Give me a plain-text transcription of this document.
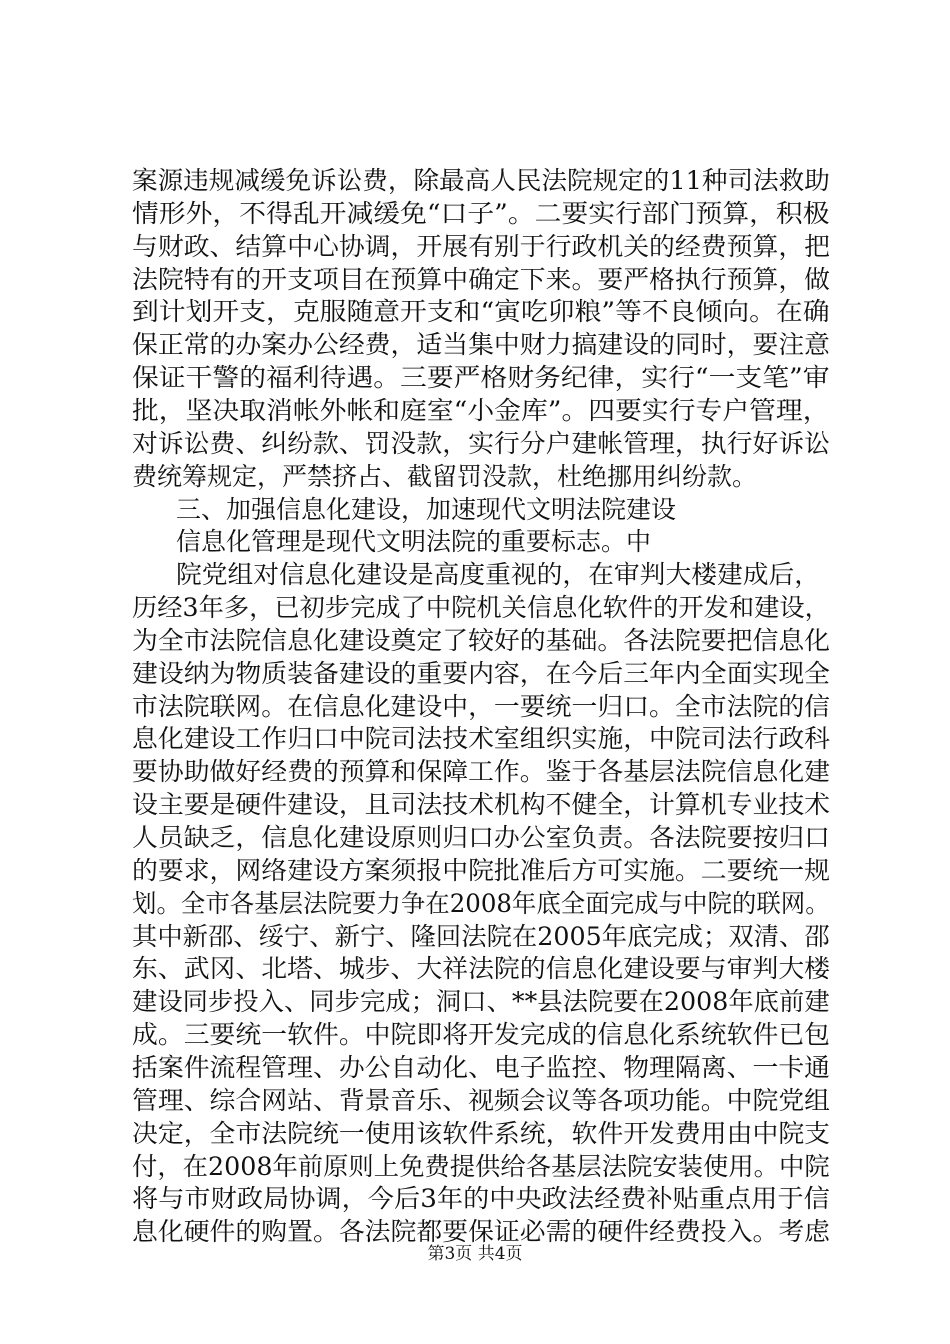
案源违规减缓免诉讼费，除最高人民法院规定的11种司法救助
情形外，不得乱开减缓免“口子”。二要实行部门预算，积极
与财政、结算中心协调，开展有别于行政机关的经费预算，把
法院特有的开支项目在预算中确定下来。要严格执行预算，做
到计划开支，克服随意开支和“寅吃卯粮”等不良倾向。在确
保正常的办案办公经费，适当集中财力搞建设的同时，要注意
保证干警的福利待遇。三要严格财务纪律，实行“一支笔”审
批，坚决取消帐外帐和庭室“小金库”。四要实行专户管理，
对诉讼费、纠纷款、罚没款，实行分户建帐管理，执行好诉讼
费统筹规定，严禁挤占、截留罚没款，杜绝挪用纠纷款。
三、加强信息化建设，加速现代文明法院建设
信息化管理是现代文明法院的重要标志。中
院党组对信息化建设是高度重视的，在审判大楼建成后，
历经3年多，已初步完成了中院机关信息化软件的开发和建设，
为全市法院信息化建设奠定了较好的基础。各法院要把信息化
建设纳为物质装备建设的重要内容，在今后三年内全面实现全
市法院联网。在信息化建设中，一要统一归口。全市法院的信
息化建设工作归口中院司法技术室组织实施，中院司法行政科
要协助做好经费的预算和保障工作。鉴于各基层法院信息化建
设主要是硬件建设，且司法技术机构不健全，计算机专业技术
人员缺乏，信息化建设原则归口办公室负责。各法院要按归口
的要求，网络建设方案须报中院批准后方可实施。二要统一规
划。全市各基层法院要力争在2008年底全面完成与中院的联网。
其中新邵、绥宁、新宁、隆回法院在2005年底完成；双清、邵
东、武冈、北塔、城步、大祥法院的信息化建设要与审判大楼
建设同步投入、同步完成；洞口、**县法院要在2008年底前建
成。三要统一软件。中院即将开发完成的信息化系统软件已包
括案件流程管理、办公自动化、电子监控、物理隔离、一卡通
管理、综合网站、背景音乐、视频会议等各项功能。中院党组
决定，全市法院统一使用该软件系统，软件开发费用由中院支
付，在2008年前原则上免费提供给各基层法院安装使用。中院
将与市财政局协调，今后3年的中央政法经费补贴重点用于信
息化硬件的购置。各法院都要保证必需的硬件经费投入。考虑
第3页 共4页
